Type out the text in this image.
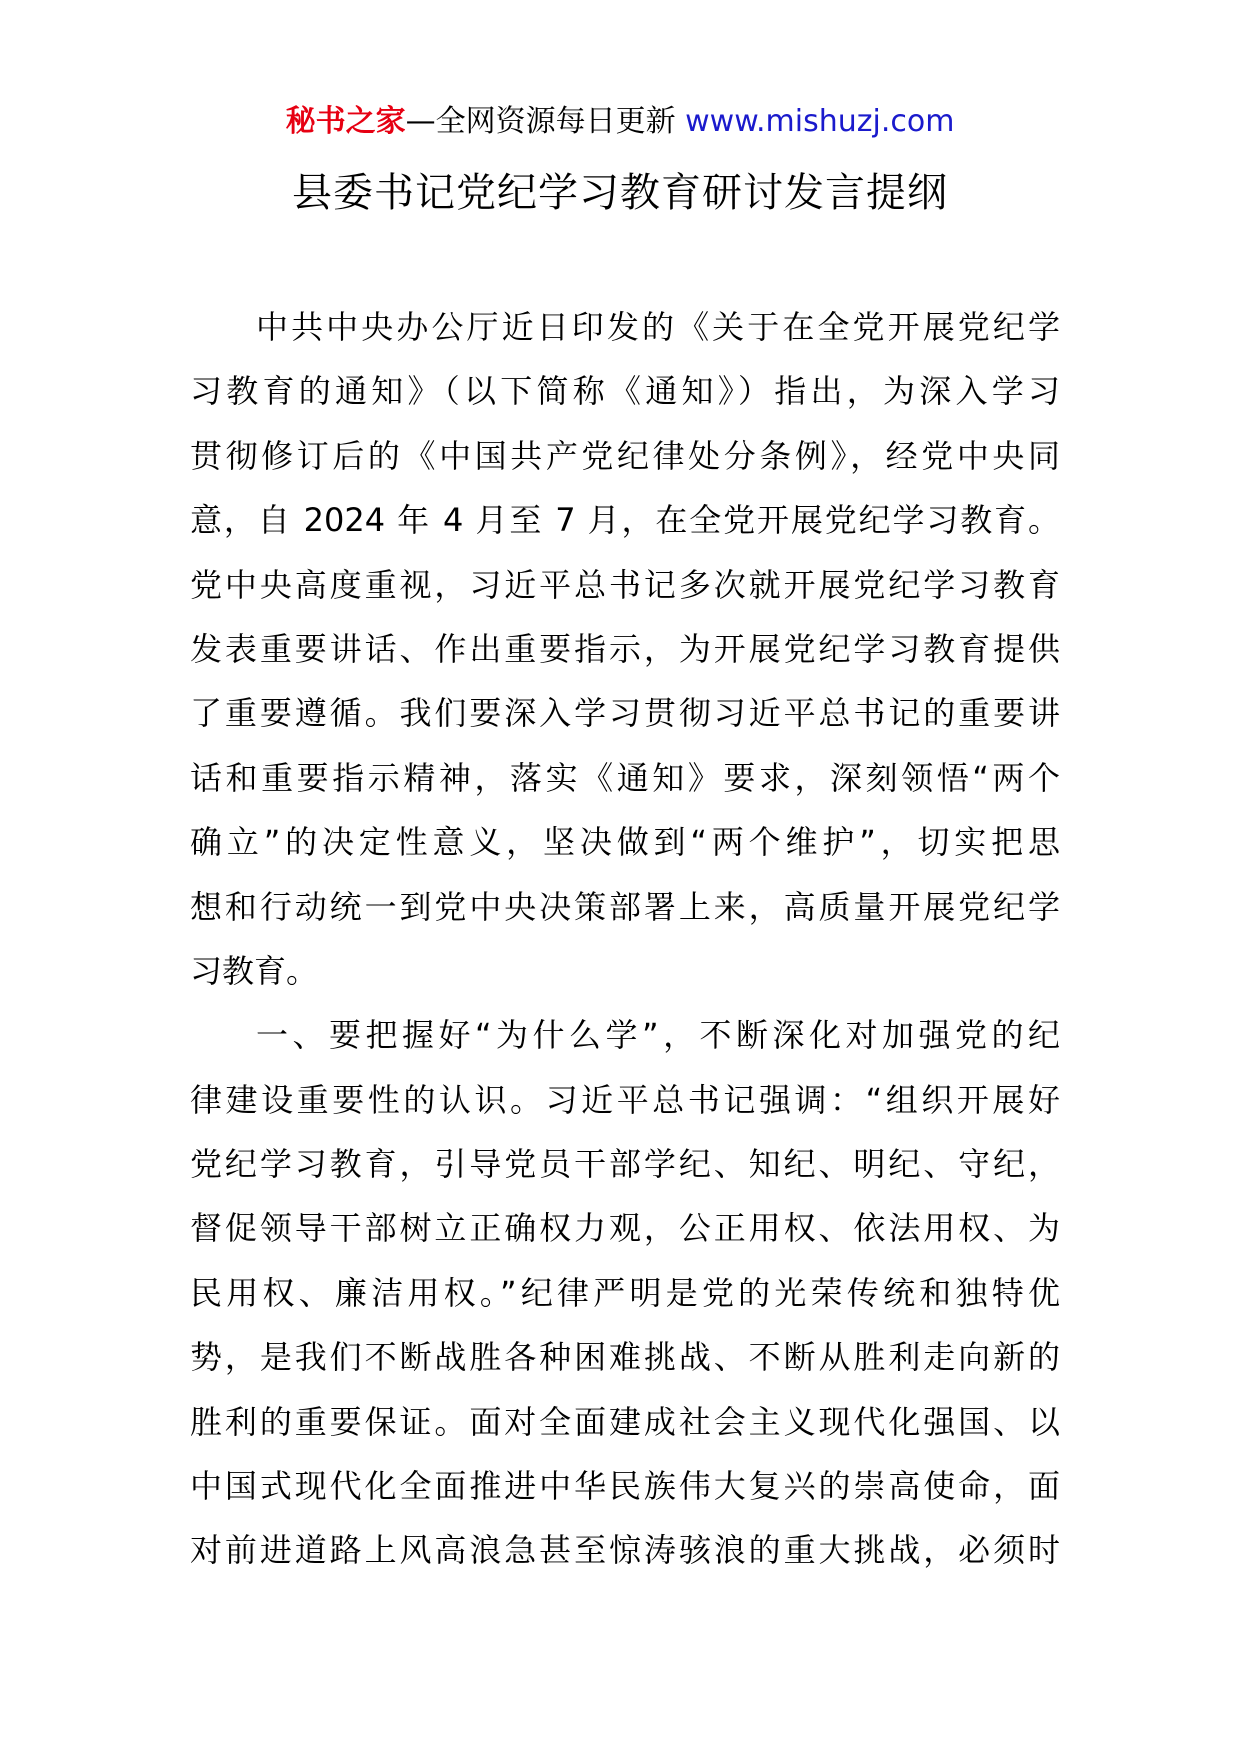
秘书之家—全网资源每日更新 www.mishuzj.com
县委书记党纪学习教育研讨发言提纲
中共中央办公厅近日印发的《关于在全党开展党纪学
习教育的通知》（以下简称《通知》）指出，为深入学习
贯彻修订后的《中国共产党纪律处分条例》，经党中央同
意，自 2024 年 4 月至 7 月，在全党开展党纪学习教育。
党中央高度重视，习近平总书记多次就开展党纪学习教育
发表重要讲话、作出重要指示，为开展党纪学习教育提供
了重要遵循。我们要深入学习贯彻习近平总书记的重要讲
话和重要指示精神，落实《通知》要求，深刻领悟“两个
确立”的决定性意义，坚决做到“两个维护”，切实把思
想和行动统一到党中央决策部署上来，高质量开展党纪学
习教育。
一、要把握好“为什么学”，不断深化对加强党的纪
律建设重要性的认识。习近平总书记强调：“组织开展好
党纪学习教育，引导党员干部学纪、知纪、明纪、守纪，
督促领导干部树立正确权力观，公正用权、依法用权、为
民用权、廉洁用权。”纪律严明是党的光荣传统和独特优
势，是我们不断战胜各种困难挑战、不断从胜利走向新的
胜利的重要保证。面对全面建成社会主义现代化强国、以
中国式现代化全面推进中华民族伟大复兴的崇高使命，面
对前进道路上风高浪急甚至惊涛骇浪的重大挑战，必须时
